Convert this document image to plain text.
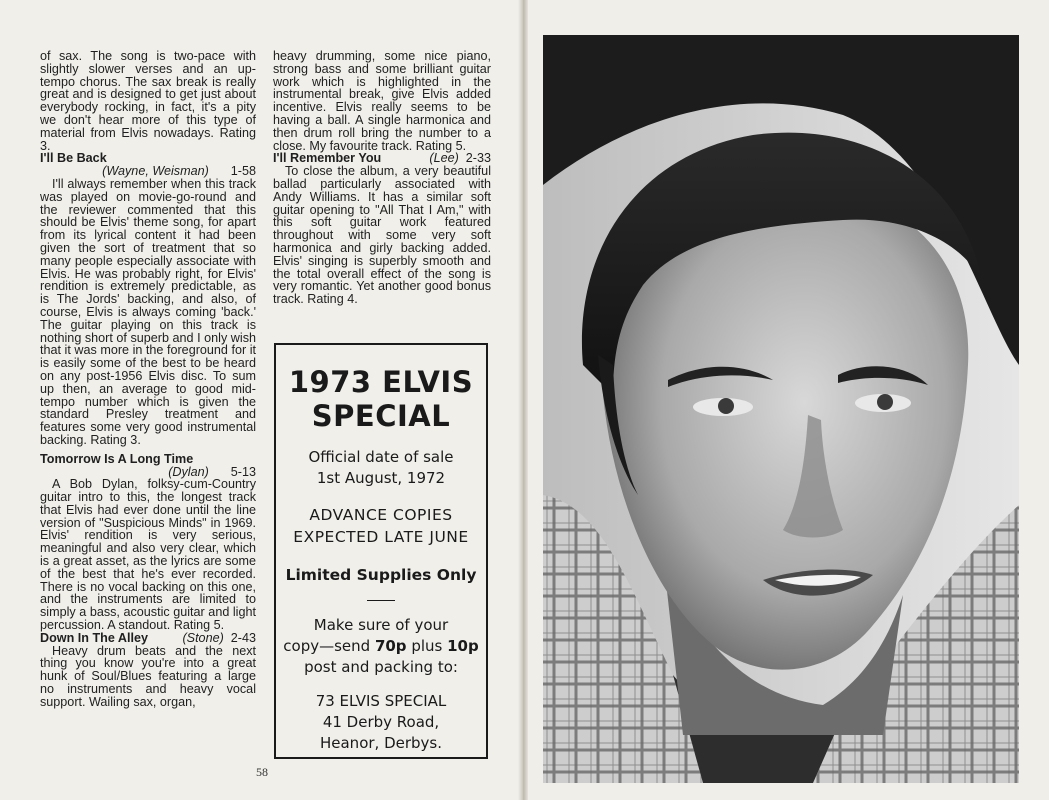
of sax. The song is two-pace with slightly slower verses and an up-tempo chorus. The sax break is really great and is designed to get just about everybody rocking, in fact, it's a pity we don't hear more of this type of material from Elvis nowadays. Rating 3.

I'll Be Back
(Wayne, Weisman) 1-58

I'll always remember when this track was played on movie-go-round and the reviewer commented that this should be Elvis' theme song, for apart from its lyrical content it had been given the sort of treatment that so many people especially associate with Elvis. He was probably right, for Elvis' rendition is extremely predictable, as is The Jords' backing, and also, of course, Elvis is always coming 'back.' The guitar playing on this track is nothing short of superb and I only wish that it was more in the foreground for it is easily some of the best to be heard on any post-1956 Elvis disc. To sum up then, an average to good mid-tempo number which is given the standard Presley treatment and features some very good instrumental backing. Rating 3.

Tomorrow Is A Long Time
(Dylan) 5-13

A Bob Dylan, folksy-cum-Country guitar intro to this, the longest track that Elvis had ever done until the line version of "Suspicious Minds" in 1969. Elvis' rendition is very serious, meaningful and also very clear, which is a great asset, as the lyrics are some of the best that he's ever recorded. There is no vocal backing on this one, and the instruments are limited to simply a bass, acoustic guitar and light percussion. A standout. Rating 5.

Down In The Alley	(Stone) 2-43

Heavy drum beats and the next thing you know you're into a great hunk of Soul/Blues featuring a large no instruments and heavy vocal support. Wailing sax, organ,

heavy drumming, some nice piano, strong bass and some brilliant guitar work which is highlighted in the instrumental break, give Elvis added incentive. Elvis really seems to be having a ball. A single harmonica and then drum roll bring the number to a close. My favourite track. Rating 5.

I'll Remember You	(Lee) 2-33

To close the album, a very beautiful ballad particularly associated with Andy Williams. It has a similar soft guitar opening to "All That I Am," with this soft guitar work featured throughout with some very soft harmonica and girly backing added. Elvis' singing is superbly smooth and the total overall effect of the song is very romantic. Yet another good bonus track. Rating 4.

1973 ELVIS
SPECIAL
Official date of sale
1st August, 1972
ADVANCE COPIES
EXPECTED LATE JUNE
Limited Supplies Only
Make sure of your
copy—send 70p plus 10p
post and packing to:
73 ELVIS SPECIAL
41 Derby Road,
Heanor, Derbys.
58
